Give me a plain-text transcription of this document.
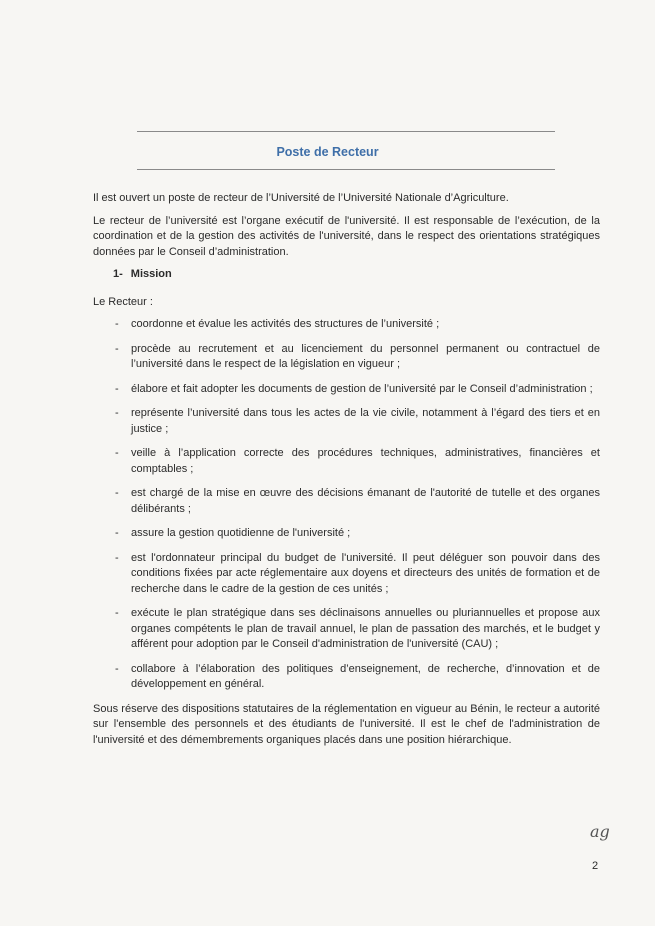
Poste de Recteur

Il est ouvert un poste de recteur de l’Université de l’Université Nationale d’Agriculture.

Le recteur de l’université est l’organe exécutif de l'université. Il est responsable de l’exécution, de la coordination et de la gestion des activités de l'université, dans le respect des orientations stratégiques données par le Conseil d’administration.

1- Mission

Le Recteur :

- coordonne et évalue les activités des structures de l’université ;
- procède au recrutement et au licenciement du personnel permanent ou contractuel de l’université dans le respect de la législation en vigueur ;
- élabore et fait adopter les documents de gestion de l’université par le Conseil d’administration ;
- représente l’université dans tous les actes de la vie civile, notamment à l’égard des tiers et en justice ;
- veille à l’application correcte des procédures techniques, administratives, financières et comptables ;
- est chargé de la mise en œuvre des décisions émanant de l'autorité de tutelle et des organes délibérants ;
- assure la gestion quotidienne de l'université ;
- est l'ordonnateur principal du budget de l'université. Il peut déléguer son pouvoir dans des conditions fixées par acte réglementaire aux doyens et directeurs des unités de formation et de recherche dans le cadre de la gestion de ces unités ;
- exécute le plan stratégique dans ses déclinaisons annuelles ou pluriannuelles et propose aux organes compétents le plan de travail annuel, le plan de passation des marchés, et le budget y afférent pour adoption par le Conseil d'administration de l'université (CAU) ;
- collabore à l’élaboration des politiques d’enseignement, de recherche, d’innovation et de développement en général.

Sous réserve des dispositions statutaires de la réglementation en vigueur au Bénin, le recteur a autorité sur l'ensemble des personnels et des étudiants de l'université. Il est le chef de l'administration de l'université et des démembrements organiques placés dans une position hiérarchique.

ag
2
